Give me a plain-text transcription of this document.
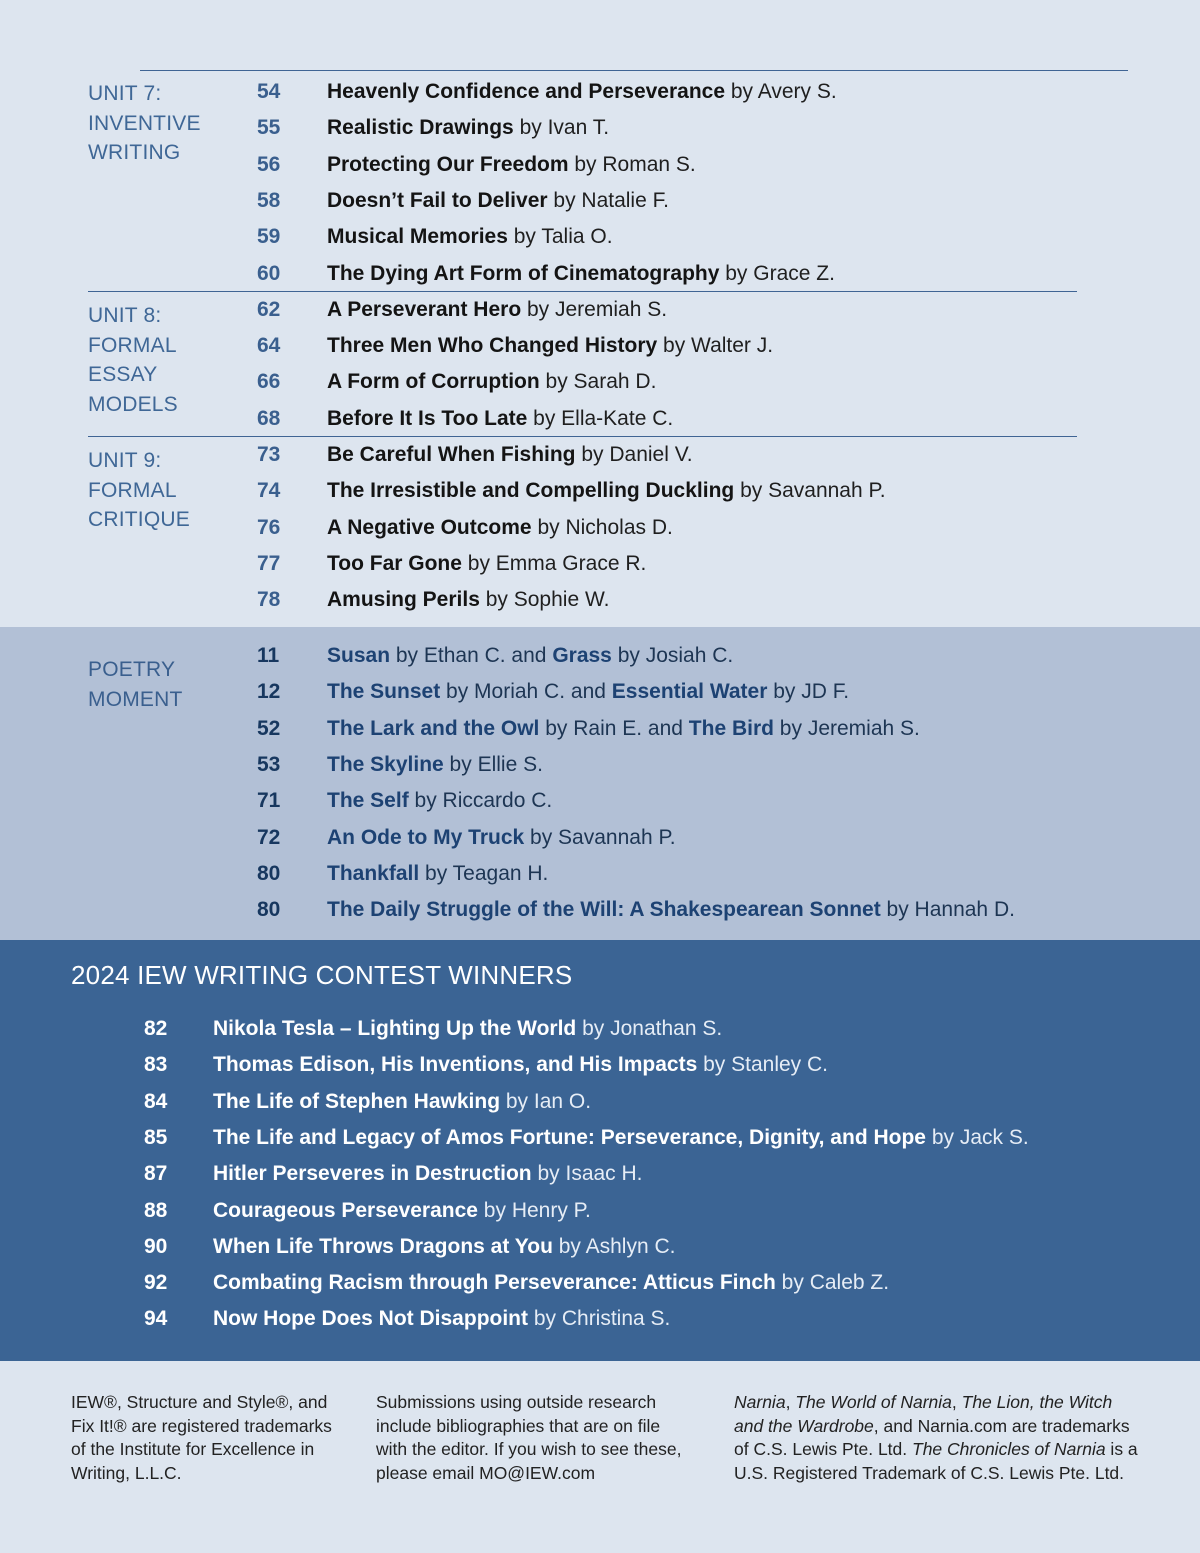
UNIT 7:
INVENTIVE
WRITING
UNIT 8:
FORMAL
ESSAY
MODELS
UNIT 9:
FORMAL
CRITIQUE
54 Heavenly Confidence and Perseverance by Avery S.
55 Realistic Drawings by Ivan T.
56 Protecting Our Freedom by Roman S.
58 Doesn’t Fail to Deliver by Natalie F.
59 Musical Memories by Talia O.
60 The Dying Art Form of Cinematography by Grace Z.
62 A Perseverant Hero by Jeremiah S.
64 Three Men Who Changed History by Walter J.
66 A Form of Corruption by Sarah D.
68 Before It Is Too Late by Ella-Kate C.
73 Be Careful When Fishing by Daniel V.
74 The Irresistible and Compelling Duckling by Savannah P.
76 A Negative Outcome by Nicholas D.
77 Too Far Gone by Emma Grace R.
78 Amusing Perils by Sophie W.
POETRY
MOMENT
11 Susan by Ethan C. and Grass by Josiah C.
12 The Sunset by Moriah C. and Essential Water by JD F.
52 The Lark and the Owl by Rain E. and The Bird by Jeremiah S.
53 The Skyline by Ellie S.
71 The Self by Riccardo C.
72 An Ode to My Truck by Savannah P.
80 Thankfall by Teagan H.
80 The Daily Struggle of the Will: A Shakespearean Sonnet by Hannah D.
2024 IEW WRITING CONTEST WINNERS
82 Nikola Tesla – Lighting Up the World by Jonathan S.
83 Thomas Edison, His Inventions, and His Impacts by Stanley C.
84 The Life of Stephen Hawking by Ian O.
85 The Life and Legacy of Amos Fortune: Perseverance, Dignity, and Hope by Jack S.
87 Hitler Perseveres in Destruction by Isaac H.
88 Courageous Perseverance by Henry P.
90 When Life Throws Dragons at You by Ashlyn C.
92 Combating Racism through Perseverance: Atticus Finch by Caleb Z.
94 Now Hope Does Not Disappoint by Christina S.
IEW®, Structure and Style®, and
Fix It!® are registered trademarks
of the Institute for Excellence in
Writing, L.L.C.
Submissions using outside research
include bibliographies that are on file
with the editor. If you wish to see these,
please email MO@IEW.com
Narnia, The World of Narnia, The Lion, the Witch
and the Wardrobe, and Narnia.com are trademarks
of C.S. Lewis Pte. Ltd. The Chronicles of Narnia is a
U.S. Registered Trademark of C.S. Lewis Pte. Ltd.
